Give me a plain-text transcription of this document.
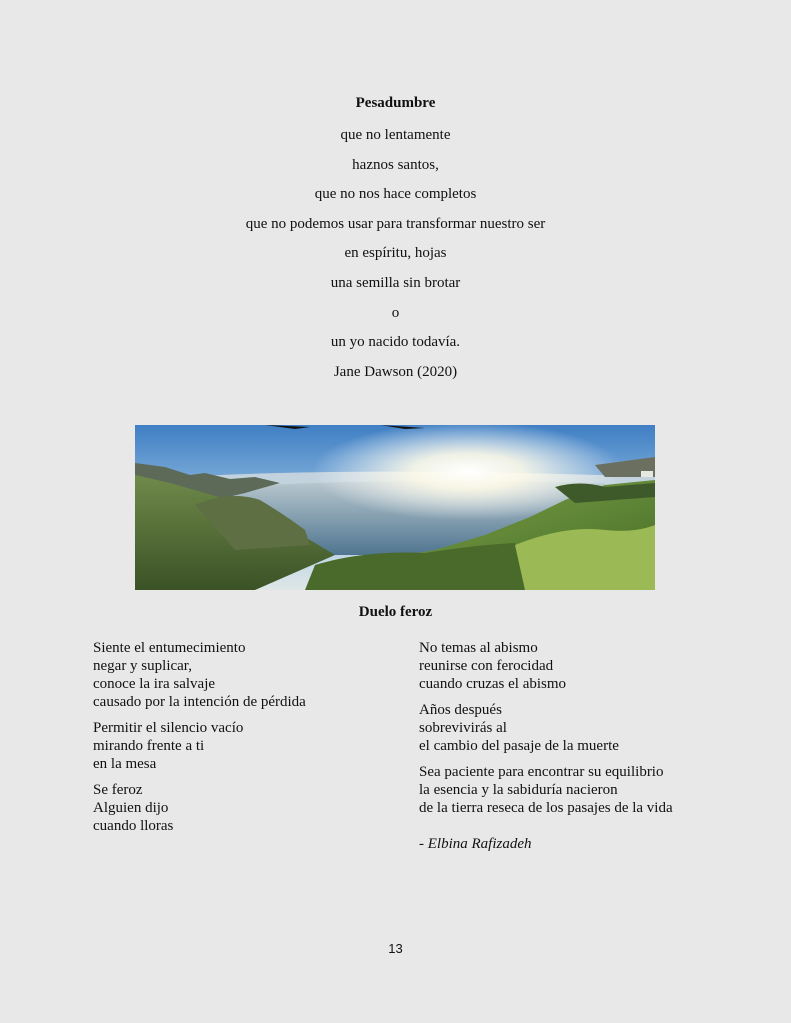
Pesadumbre
que no lentamente
haznos santos,
que no nos hace completos
que no podemos usar para transformar nuestro ser
en espíritu, hojas
una semilla sin brotar
o
un yo nacido todavía.
Jane Dawson (2020)
Duelo feroz
Siente el entumecimiento
negar y suplicar,
conoce la ira salvaje
causado por la intención de pérdida
Permitir el silencio vacío
mirando frente a ti
en la mesa
Se feroz
Alguien dijo
cuando lloras
No temas al abismo
reunirse con ferocidad
cuando cruzas el abismo
Años después
sobrevivirás al
el cambio del pasaje de la muerte
Sea paciente para encontrar su equilibrio
la esencia y la sabiduría nacieron
de la tierra reseca de los pasajes de la vida
- Elbina Rafizadeh
13
